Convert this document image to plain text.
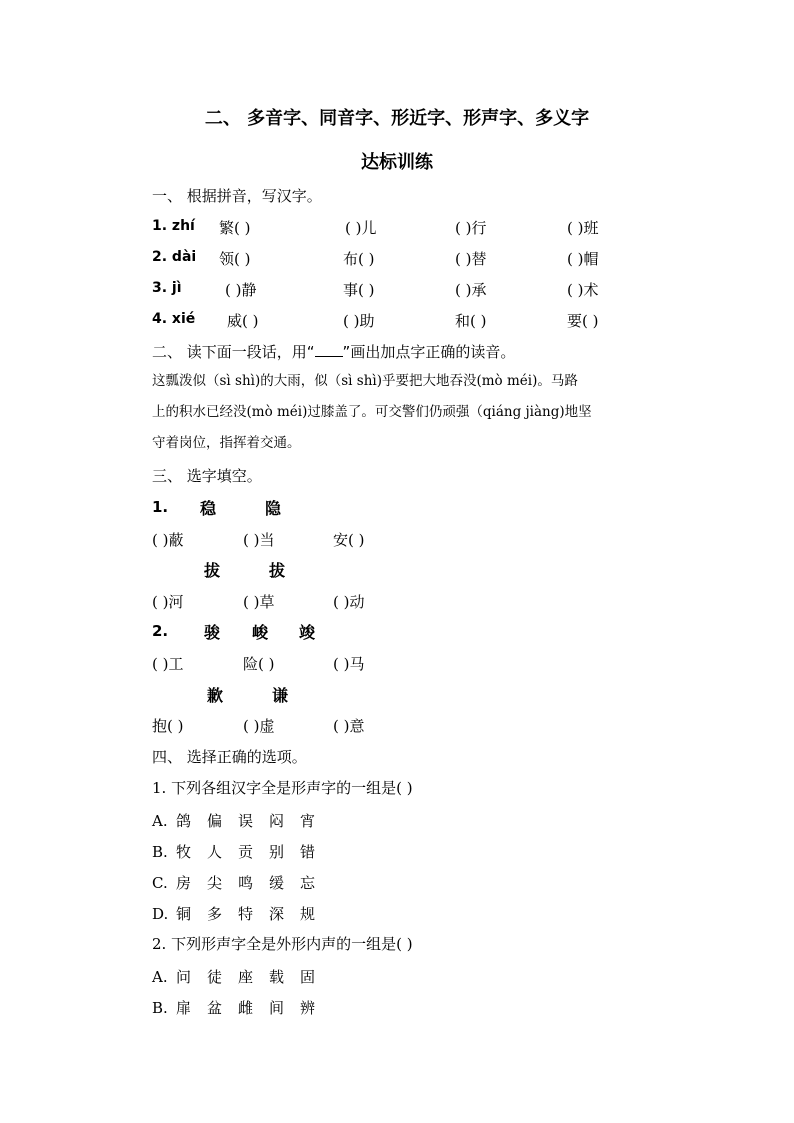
二、 多音字、同音字、形近字、形声字、多义字
达标训练
一、 根据拼音，写汉字。
1. zhí 繁( )	( )儿	( )行	( )班
2. dài 领( )	布( )	( )替	( )帽
3. jì	( )静	事( )	( )承	( )术
4. xié 威( )	( )助	和( )	要( )
二、 读下面一段话，用“ ”画出加点字正确的读音。
这瓢泼似（sì shì)的大雨，似（sì shì)乎要把大地吞没(mò méi)。马路
上的积水已经没(mò méi)过膝盖了。可交警们仍顽强（qiáng jiàng)地坚
守着岗位，指挥着交通。
三、 选字填空。
1. 稳	隐
( )蔽	( )当	安( )
拔	拔
( )河	( )草	( )动
2. 骏 峻 竣
( )工	险( )	( )马
歉	谦
抱( )	( )虚	( )意
四、 选择正确的选项。
1. 下列各组汉字全是形声字的一组是( )
A. 鸽 偏 误 闷 宵
B. 牧 人 贡 别 错
C. 房 尖 鸣 缓 忘
D. 铜 多 特 深 规
2. 下列形声字全是外形内声的一组是( )
A. 问 徒 座 载 固
B. 扉 盆 雌 间 辨
